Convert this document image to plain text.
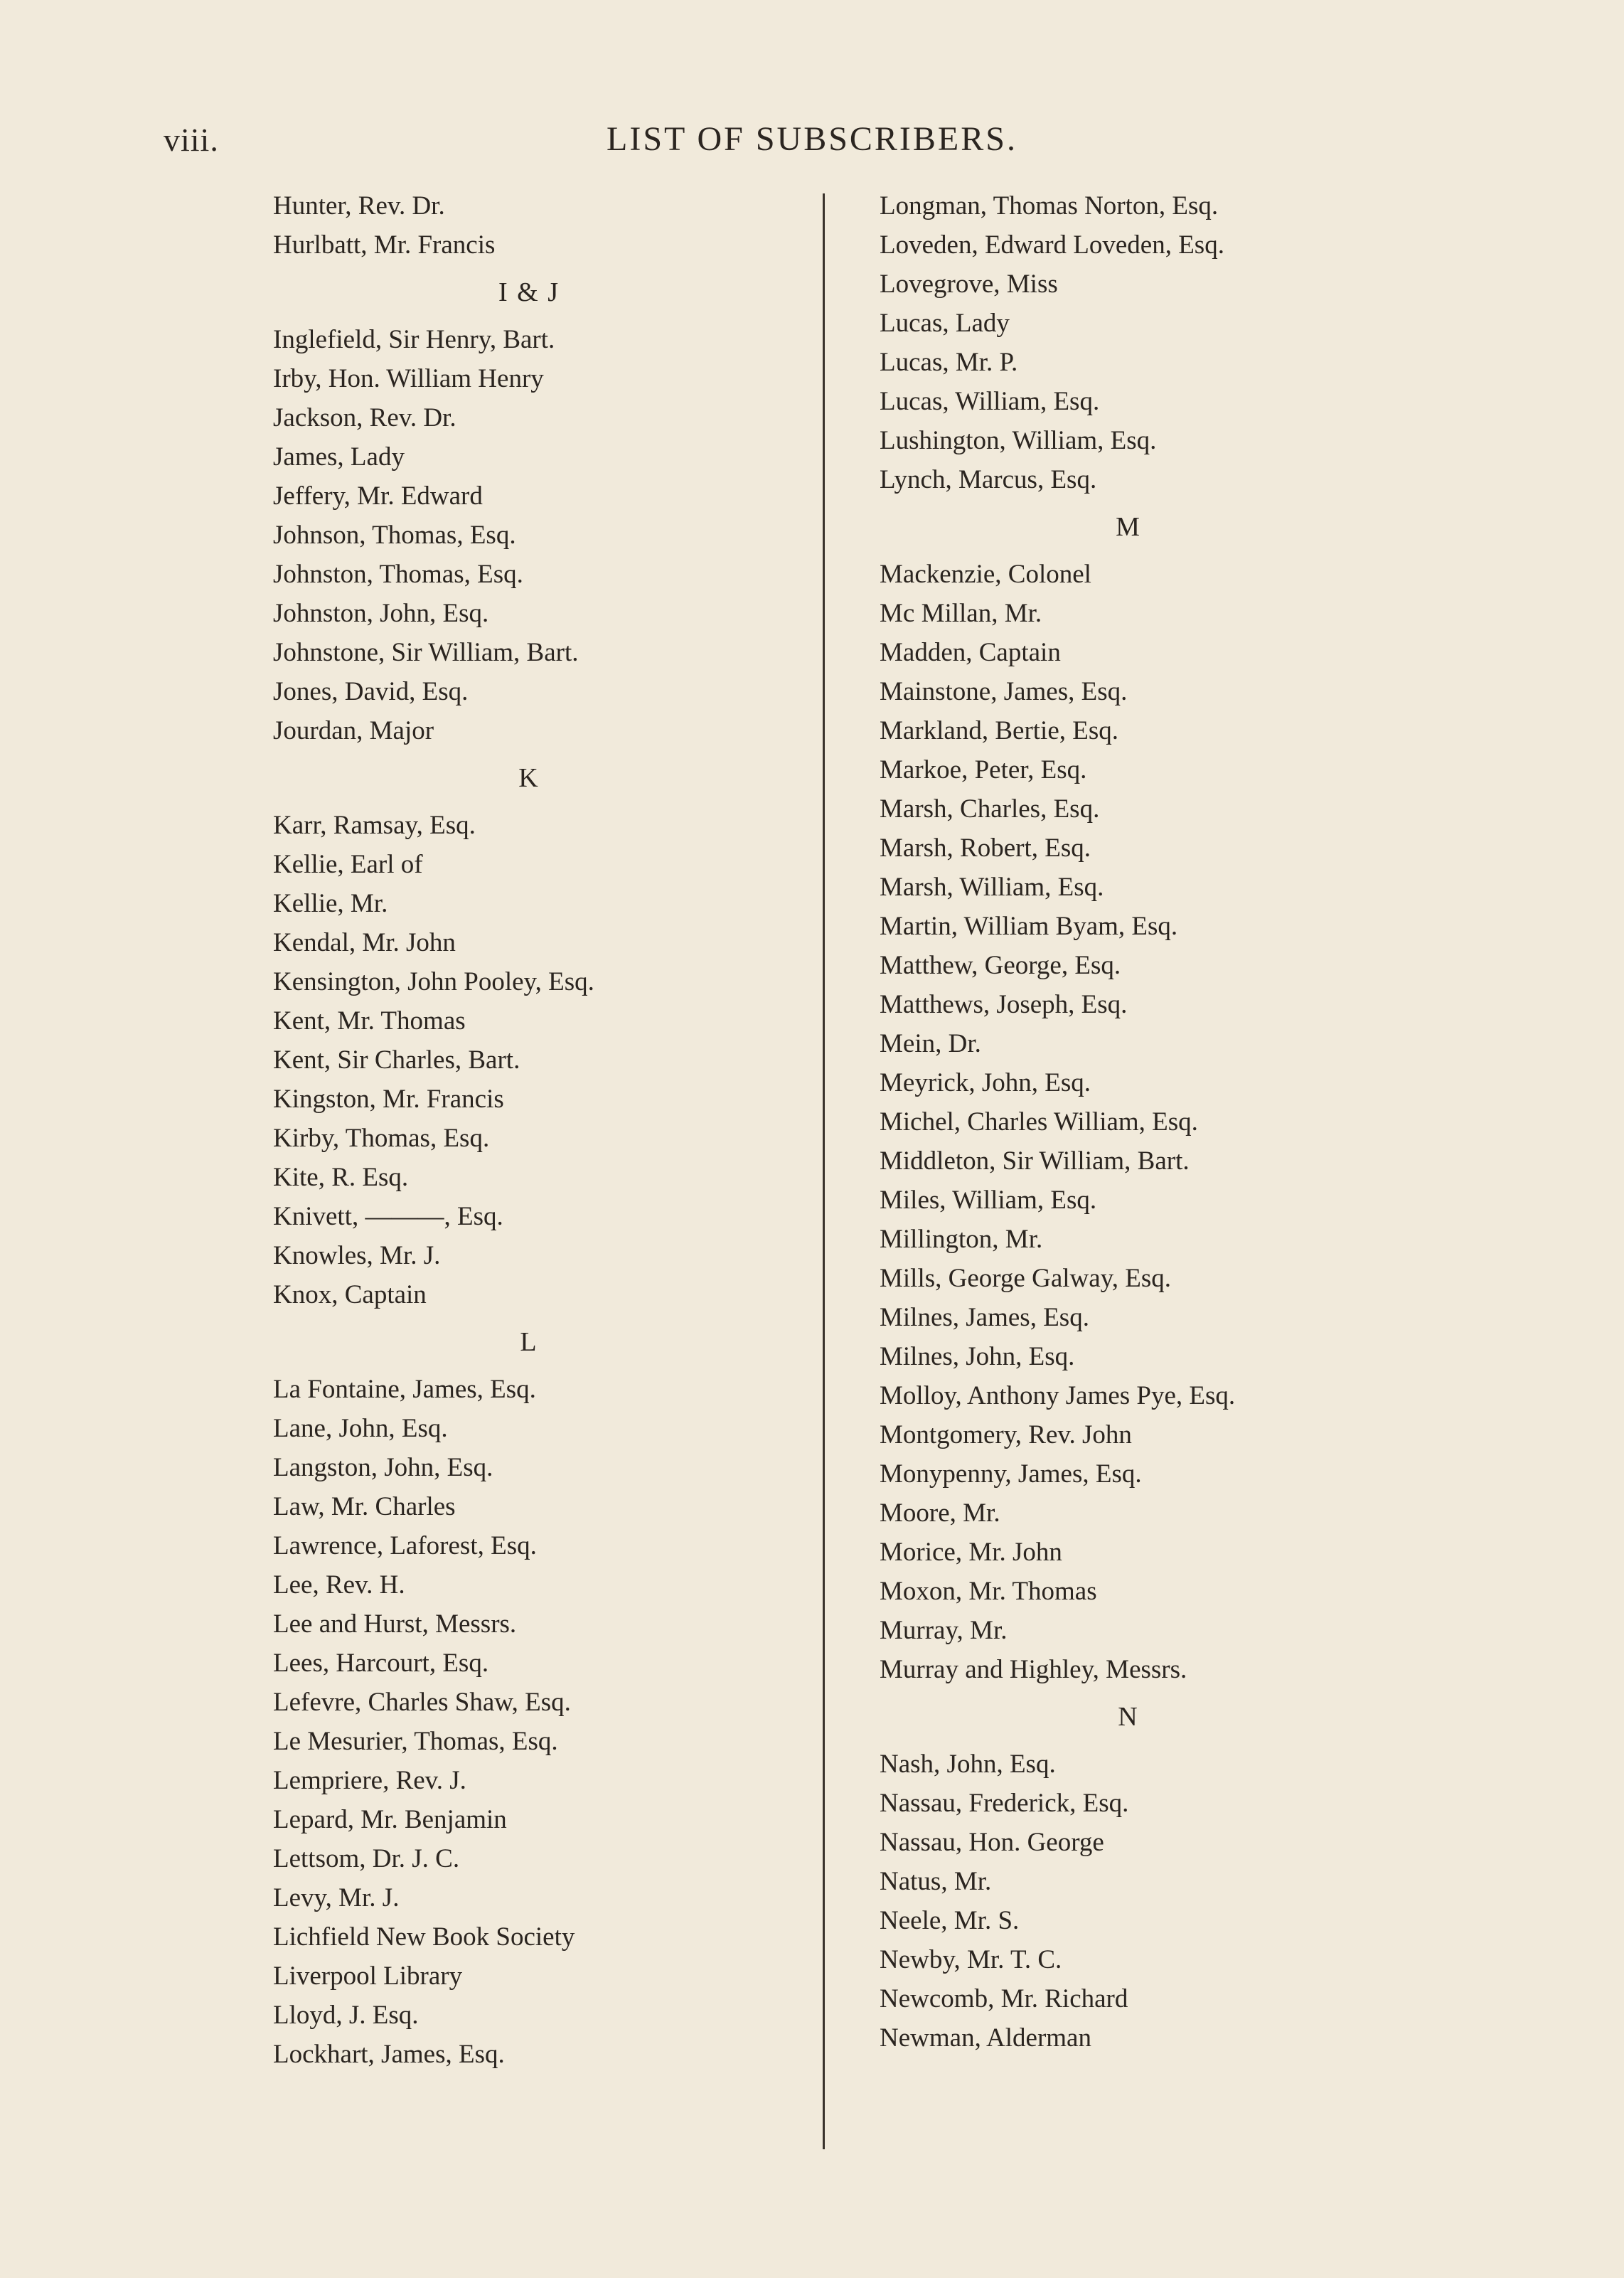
viii.	LIST OF SUBSCRIBERS.
Hunter, Rev. Dr.
Hurlbatt, Mr. Francis
I & J
Inglefield, Sir Henry, Bart.
Irby, Hon. William Henry
Jackson, Rev. Dr.
James, Lady
Jeffery, Mr. Edward
Johnson, Thomas, Esq.
Johnston, Thomas, Esq.
Johnston, John, Esq.
Johnstone, Sir William, Bart.
Jones, David, Esq.
Jourdan, Major
K
Karr, Ramsay, Esq.
Kellie, Earl of
Kellie, Mr.
Kendal, Mr. John
Kensington, John Pooley, Esq.
Kent, Mr. Thomas
Kent, Sir Charles, Bart.
Kingston, Mr. Francis
Kirby, Thomas, Esq.
Kite, R. Esq.
Knivett, ———, Esq.
Knowles, Mr. J.
Knox, Captain
L
La Fontaine, James, Esq.
Lane, John, Esq.
Langston, John, Esq.
Law, Mr. Charles
Lawrence, Laforest, Esq.
Lee, Rev. H.
Lee and Hurst, Messrs.
Lees, Harcourt, Esq.
Lefevre, Charles Shaw, Esq.
Le Mesurier, Thomas, Esq.
Lempriere, Rev. J.
Lepard, Mr. Benjamin
Lettsom, Dr. J. C.
Levy, Mr. J.
Lichfield New Book Society
Liverpool Library
Lloyd, J. Esq.
Lockhart, James, Esq.
Longman, Thomas Norton, Esq.
Loveden, Edward Loveden, Esq.
Lovegrove, Miss
Lucas, Lady
Lucas, Mr. P.
Lucas, William, Esq.
Lushington, William, Esq.
Lynch, Marcus, Esq.
M
Mackenzie, Colonel
Mc Millan, Mr.
Madden, Captain
Mainstone, James, Esq.
Markland, Bertie, Esq.
Markoe, Peter, Esq.
Marsh, Charles, Esq.
Marsh, Robert, Esq.
Marsh, William, Esq.
Martin, William Byam, Esq.
Matthew, George, Esq.
Matthews, Joseph, Esq.
Mein, Dr.
Meyrick, John, Esq.
Michel, Charles William, Esq.
Middleton, Sir William, Bart.
Miles, William, Esq.
Millington, Mr.
Mills, George Galway, Esq.
Milnes, James, Esq.
Milnes, John, Esq.
Molloy, Anthony James Pye, Esq.
Montgomery, Rev. John
Monypenny, James, Esq.
Moore, Mr.
Morice, Mr. John
Moxon, Mr. Thomas
Murray, Mr.
Murray and Highley, Messrs.
N
Nash, John, Esq.
Nassau, Frederick, Esq.
Nassau, Hon. George
Natus, Mr.
Neele, Mr. S.
Newby, Mr. T. C.
Newcomb, Mr. Richard
Newman, Alderman
